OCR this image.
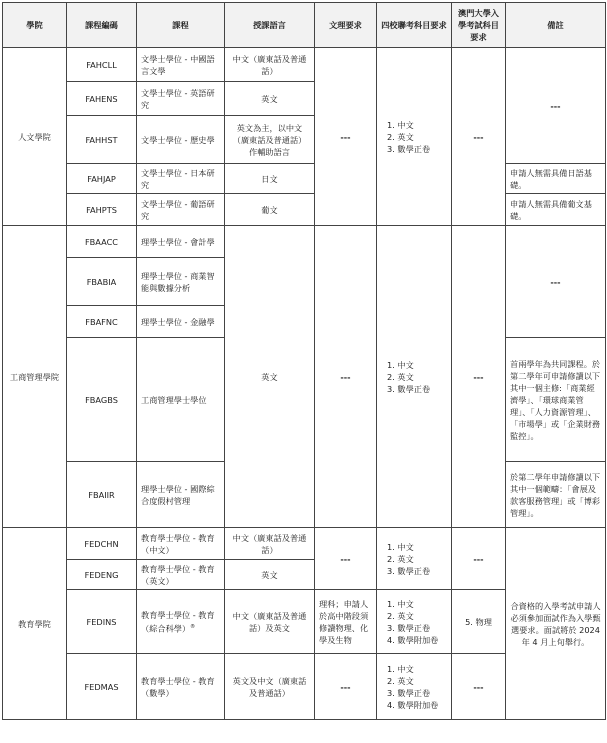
學院	課程編碼	課程	授課語言	文理要求	四校聯考科目要求	澳門大學入學考試科目要求	備註
人文學院	FAHCLL	文學士學位 - 中國語言文學	中文（廣東話及普通話）	---	1. 中文
2. 英文
3. 數學正卷	---	---
	FAHENS	文學士學位 - 英語研究	英文				
	FAHHST	文學士學位 - 歷史學	英文為主，以中文（廣東話及普通話）作輔助語言				
	FAHJAP	文學士學位 - 日本研究	日文				申請人無需具備日語基礎。
	FAHPTS	文學士學位 - 葡語研究	葡文				申請人無需具備葡文基礎。
工商管理學院	FBAACC	理學士學位 - 會計學	英文	---	1. 中文
2. 英文
3. 數學正卷	---	---
	FBABIA	理學士學位 - 商業智能與數據分析					
	FBAFNC	理學士學位 - 金融學					
	FBAGBS	工商管理學士學位					首兩學年為共同課程。於第二學年可申請修讀以下其中一個主修:「商業經濟學」、「環球商業管理」、「人力資源管理」、「市場學」或「企業財務監控」。
	FBAIIR	理學士學位 - 國際綜合度假村管理					於第二學年申請修讀以下其中一個範疇：「會展及款客服務管理」或「博彩管理」。
教育學院	FEDCHN	教育學士學位 - 教育（中文）	中文（廣東話及普通話）	---	1. 中文
2. 英文
3. 數學正卷	---	合資格的入學考試申請人必須參加面試作為入學甄選要求。面試將於 2024 年 4 月上旬舉行。
	FEDENG	教育學士學位 - 教育（英文）	英文				
	FEDINS	教育學士學位 - 教育（綜合科學）®	中文（廣東話及普通話）及英文	理科；申請人於高中階段須修讀物理、化學及生物	1. 中文
2. 英文
3. 數學正卷
4. 數學附加卷	5. 物理	
	FEDMAS	教育學士學位 - 教育（數學）	英文及中文（廣東話及普通話）	---	1. 中文
2. 英文
3. 數學正卷
4. 數學附加卷	---	
